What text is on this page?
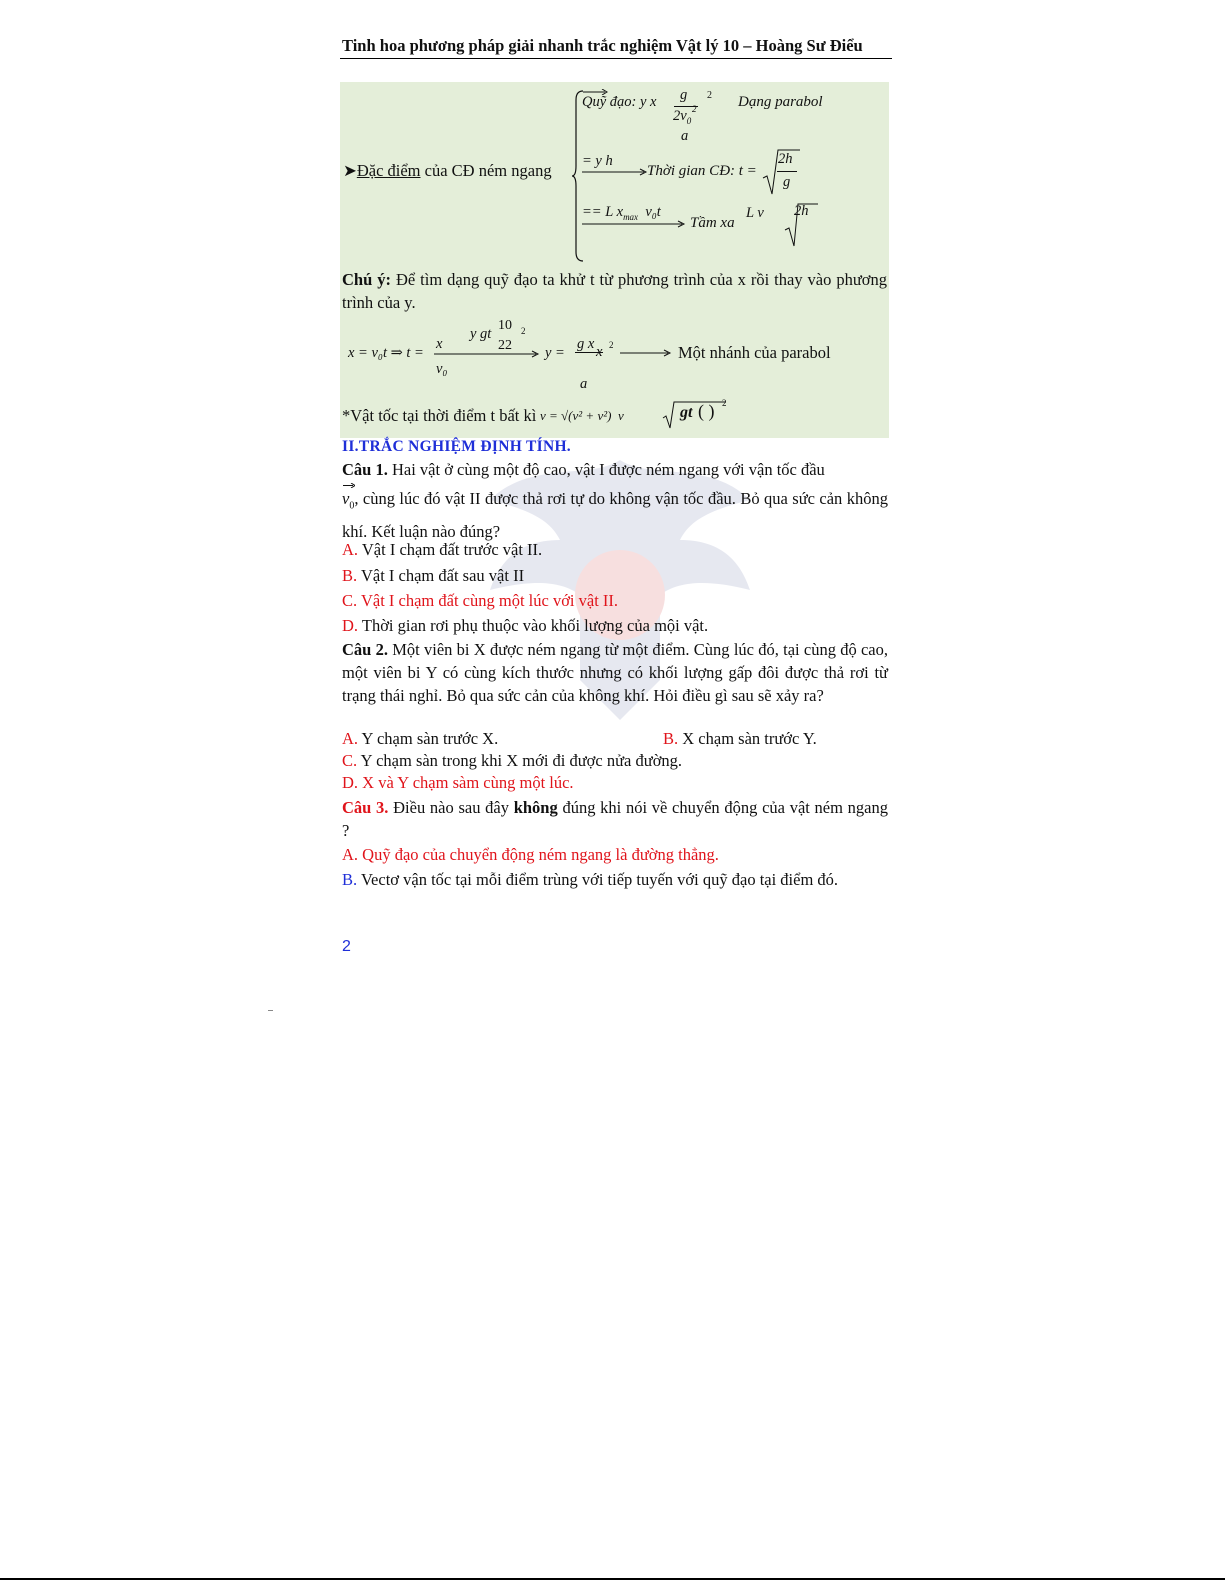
Tinh hoa phương pháp giải nhanh trắc nghiệm Vật lý 10 – Hoàng Sư Điểu
➤Đặc điểm của CĐ ném ngang
Quỹ đạo: y x g
$2v_0$
2
2
a
Dạng parabol
= y h
Thời gian CĐ: t =
2h
g
== L $x_{max}$ v₀t
Tầm xa
L v 2h
Chú ý: Để tìm dạng quỹ đạo ta khử t từ phương trình của x rồi thay vào phương trình của y.
x = v₀t ⇒ t =
x
v₀
y gt
10 2
22 y =
g x x 2	Một nhánh của parabol
a
*Vật tốc tại thời điểm t bất kì v = √(v² + v²) v	gt ( ) 2
II.TRẮC NGHIỆM ĐỊNH TÍNH.
Câu 1. Hai vật ở cùng một độ cao, vật I được ném ngang với vận tốc đầu
$v_0$, cùng lúc đó vật II được thả rơi tự do không vận tốc đầu. Bỏ qua sức cản không khí. Kết luận nào đúng?
A. Vật I chạm đất trước vật II.
B. Vật I chạm đất sau vật II
C. Vật I chạm đất cùng một lúc với vật II.
D. Thời gian rơi phụ thuộc vào khối lượng của mội vật.
Câu 2. Một viên bi X được ném ngang từ một điểm. Cùng lúc đó, tại cùng độ cao, một viên bi Y có cùng kích thước nhưng có khối lượng gấp đôi được thả rơi từ trạng thái nghỉ. Bỏ qua sức cản của không khí. Hỏi điều gì sau sẽ xảy ra?
A. Y chạm sàn trước X.	B. X chạm sàn trước Y.
C. Y chạm sàn trong khi X mới đi được nửa đường.
D. X và Y chạm sàm cùng một lúc.
Câu 3. Điều nào sau đây không đúng khi nói về chuyển động của vật ném ngang ?
A. Quỹ đạo của chuyển động ném ngang là đường thẳng.
B. Vectơ vận tốc tại mỗi điểm trùng với tiếp tuyến với quỹ đạo tại điểm đó.
2
